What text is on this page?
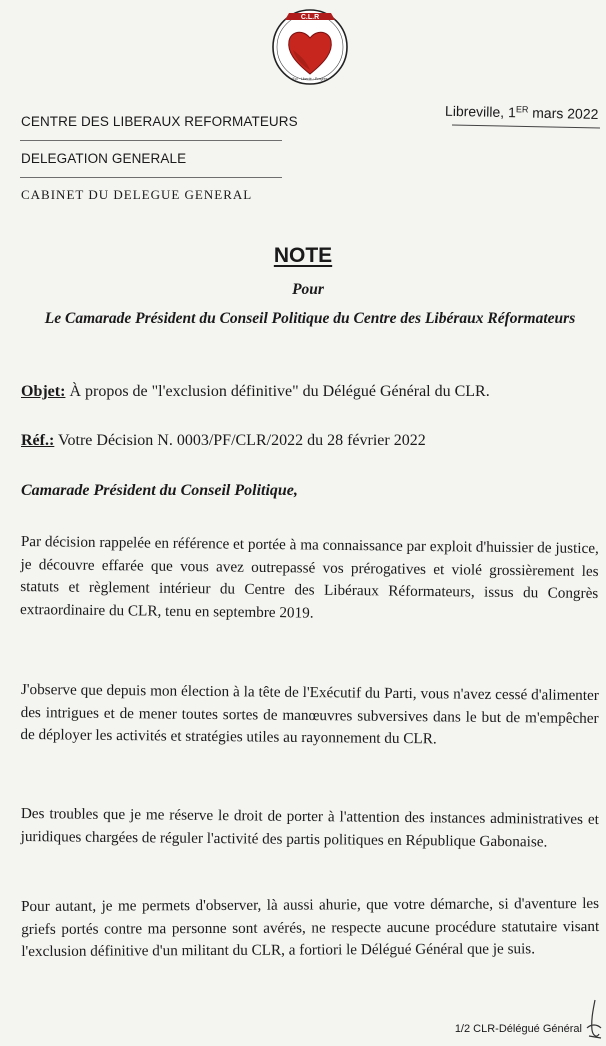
C.L.R
Foi · Liberté · Progrès
CENTRE DES LIBERAUX REFORMATEURS
DELEGATION GENERALE
CABINET DU DELEGUE GENERAL
Libreville, 1ER mars 2022
NOTE
Pour
Le Camarade Président du Conseil Politique du Centre des Libéraux Réformateurs
Objet: À propos de "l'exclusion définitive" du Délégué Général du CLR.
Réf.: Votre Décision N. 0003/PF/CLR/2022 du 28 février 2022
Camarade Président du Conseil Politique,

Par décision rappelée en référence et portée à ma connaissance par exploit d'huissier de justice, je découvre effarée que vous avez outrepassé vos prérogatives et violé grossièrement les statuts et règlement intérieur du Centre des Libéraux Réformateurs, issus du Congrès extraordinaire du CLR, tenu en septembre 2019.

J'observe que depuis mon élection à la tête de l'Exécutif du Parti, vous n'avez cessé d'alimenter des intrigues et de mener toutes sortes de manœuvres subversives dans le but de m'empêcher de déployer les activités et stratégies utiles au rayonnement du CLR.

Des troubles que je me réserve le droit de porter à l'attention des instances administratives et juridiques chargées de réguler l'activité des partis politiques en République Gabonaise.

Pour autant, je me permets d'observer, là aussi ahurie, que votre démarche, si d'aventure les griefs portés contre ma personne sont avérés, ne respecte aucune procédure statutaire visant l'exclusion définitive d'un militant du CLR, a fortiori le Délégué Général que je suis.

1/2 CLR-Délégué Général
